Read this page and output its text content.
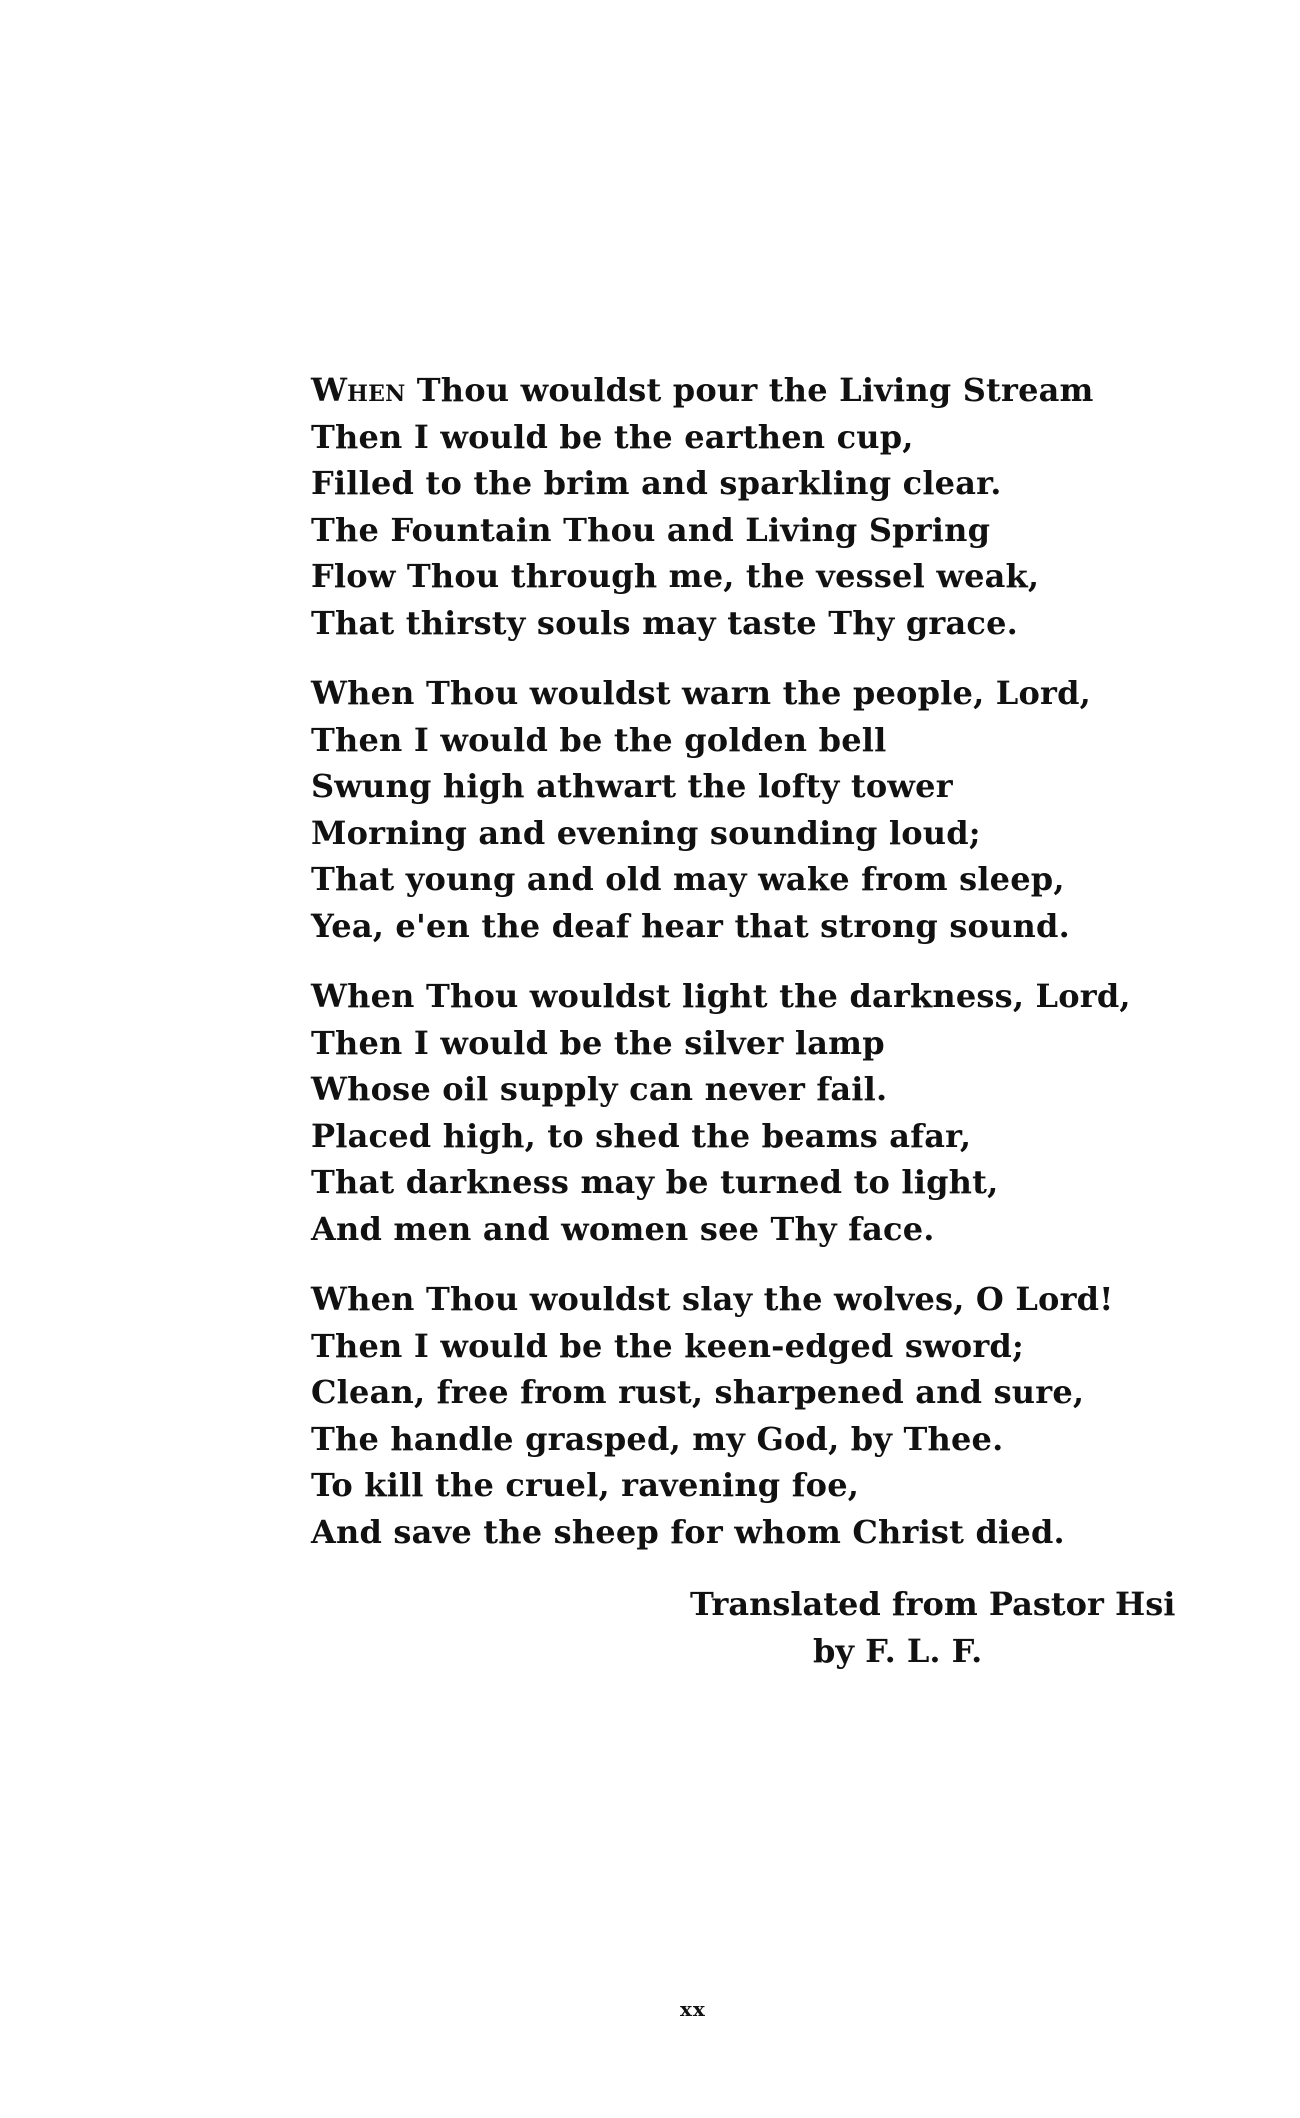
When Thou wouldst pour the Living Stream
Then I would be the earthen cup,
Filled to the brim and sparkling clear.
The Fountain Thou and Living Spring
Flow Thou through me, the vessel weak,
That thirsty souls may taste Thy grace.
When Thou wouldst warn the people, Lord,
Then I would be the golden bell
Swung high athwart the lofty tower
Morning and evening sounding loud;
That young and old may wake from sleep,
Yea, e'en the deaf hear that strong sound.
When Thou wouldst light the darkness, Lord,
Then I would be the silver lamp
Whose oil supply can never fail.
Placed high, to shed the beams afar,
That darkness may be turned to light,
And men and women see Thy face.
When Thou wouldst slay the wolves, O Lord!
Then I would be the keen-edged sword;
Clean, free from rust, sharpened and sure,
The handle grasped, my God, by Thee.
To kill the cruel, ravening foe,
And save the sheep for whom Christ died.
Translated from Pastor Hsi
by F. L. F.
xx
